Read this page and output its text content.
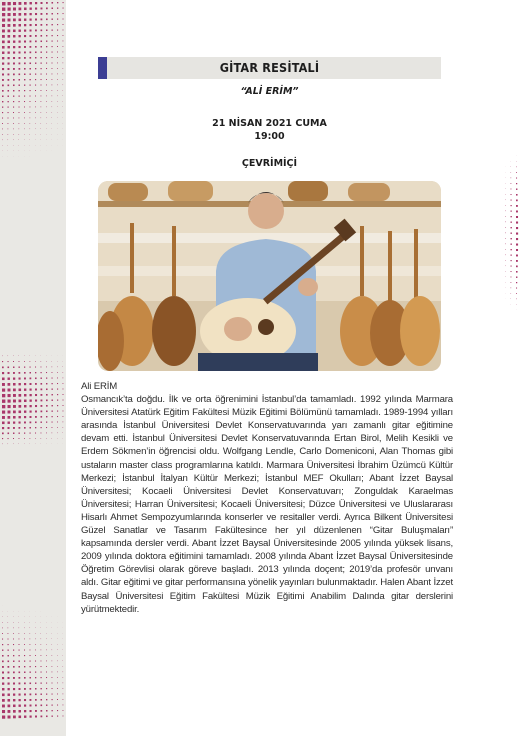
GİTAR RESİTALİ
“ALİ ERİM”
21 NİSAN 2021 CUMA
19:00
ÇEVRİMİÇİ

Ali ERİM

Osmancık’ta doğdu. İlk ve orta öğrenimini İstanbul’da tamamladı. 1992 yılında Marmara Üniversitesi Atatürk Eğitim Fakültesi Müzik Eğitimi Bölümünü tamamladı. 1989-1994 yılları arasında İstanbul Üniversitesi Devlet Konservatuvarında yarı zamanlı gitar eğitimine devam etti. İstanbul Üniversitesi Devlet Konservatuvarında Ertan Birol, Melih Kesikli ve Erdem Sökmen’in öğrencisi oldu. Wolfgang Lendle, Carlo Domeniconi, Alan Thomas gibi ustaların master class programlarına katıldı. Marmara Üniversitesi İbrahim Üzümcü Kültür Merkezi; İstanbul İtalyan Kültür Merkezi; İstanbul MEF Okulları; Abant İzzet Baysal Üniversitesi; Kocaeli Üniversitesi Devlet Konservatuvarı; Zonguldak Karaelmas Üniversitesi; Harran Üniversitesi; Kocaeli Üniversitesi; Düzce Üniversitesi ve Uluslararası Hisarlı Ahmet Sempozyumlarında konserler ve resitaller verdi. Ayrıca Bilkent Üniversitesi Güzel Sanatlar ve Tasarım Fakültesince her yıl düzenlenen “Gitar Buluşmaları” kapsamında dersler verdi. Abant İzzet Baysal Üniversitesinde 2005 yılında yüksek lisans, 2009 yılında doktora eğitimini tamamladı. 2008 yılında Abant İzzet Baysal Üniversitesinde Öğretim Görevlisi olarak göreve başladı. 2013 yılında doçent; 2019’da profesör unvanı aldı. Gitar eğitimi ve gitar performansına yönelik yayınları bulunmaktadır. Halen Abant İzzet Baysal Üniversitesi Eğitim Fakültesi Müzik Eğitimi Anabilim Dalında gitar derslerini yürütmektedir.
